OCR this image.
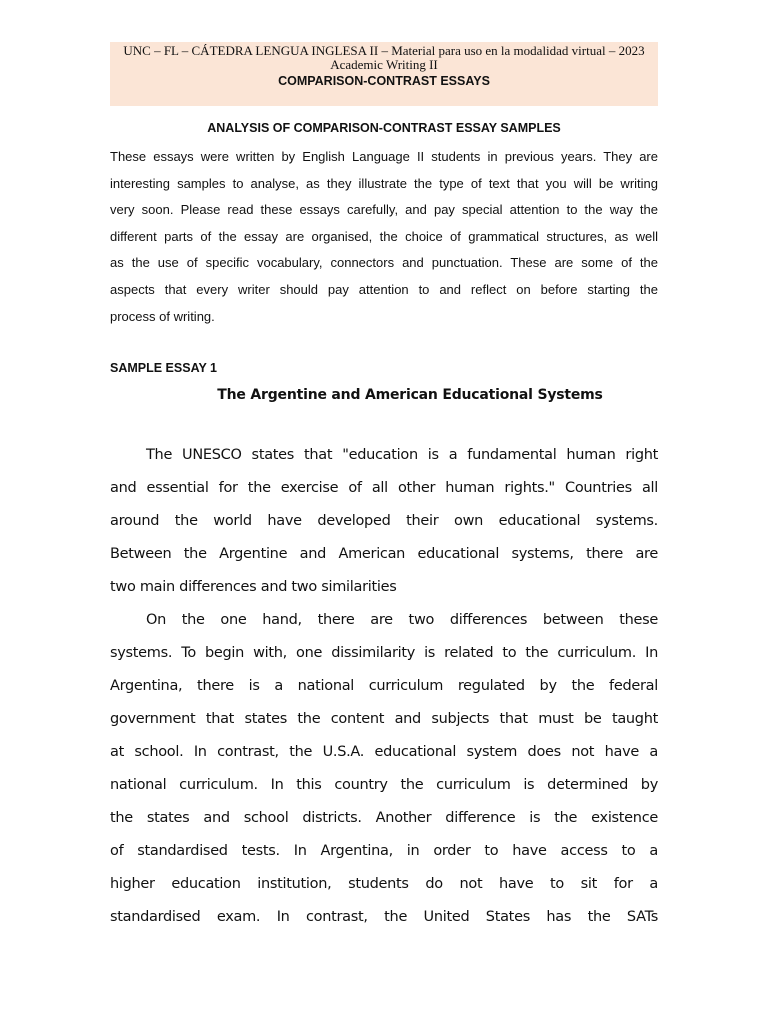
UNC – FL – CÁTEDRA LENGUA INGLESA II – Material para uso en la modalidad virtual – 2023
Academic Writing II
COMPARISON-CONTRAST ESSAYS
ANALYSIS OF COMPARISON-CONTRAST ESSAY SAMPLES
These essays were written by English Language II students in previous years. They are
interesting samples to analyse, as they illustrate the type of text that you will be writing
very soon. Please read these essays carefully, and pay special attention to the way the
different parts of the essay are organised, the choice of grammatical structures, as well
as the use of specific vocabulary, connectors and punctuation. These are some of the
aspects that every writer should pay attention to and reflect on before starting the
process of writing.
SAMPLE ESSAY 1
The Argentine and American Educational Systems
The UNESCO states that "education is a fundamental human right
and essential for the exercise of all other human rights." Countries all
around the world have developed their own educational systems.
Between the Argentine and American educational systems, there are
two main differences and two similarities
On the one hand, there are two differences between these
systems. To begin with, one dissimilarity is related to the curriculum. In
Argentina, there is a national curriculum regulated by the federal
government that states the content and subjects that must be taught
at school. In contrast, the U.S.A. educational system does not have a
national curriculum. In this country the curriculum is determined by
the states and school districts. Another difference is the existence
of standardised tests. In Argentina, in order to have access to a
higher education institution, students do not have to sit for a
standardised exam. In contrast, the United States has the SATs
